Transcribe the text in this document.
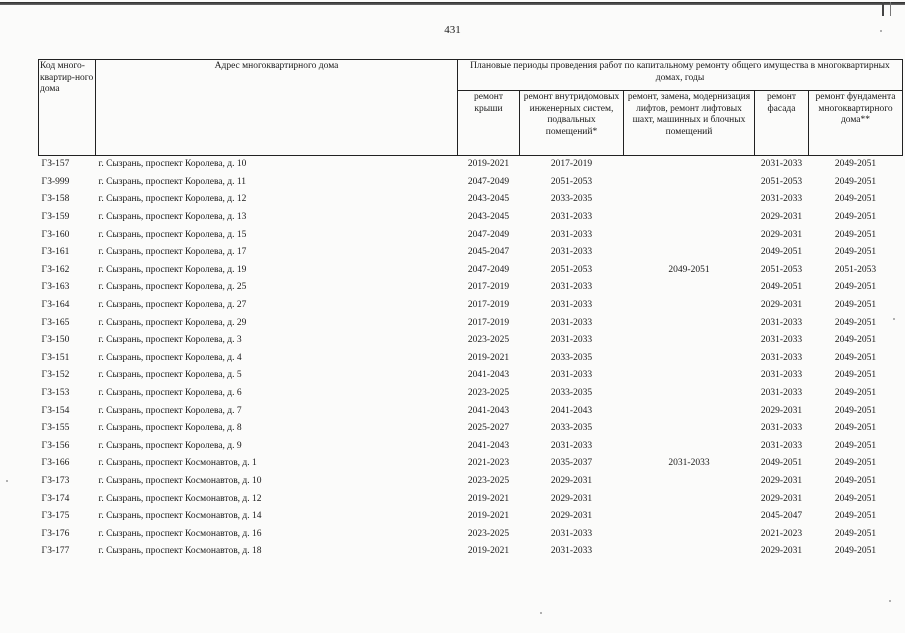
431
Код много-квартир-ного дома	Адрес многоквартирного дома	Плановые периоды проведения работ по капитальному ремонту общего имущества в многоквартирных домах, годы				
		ремонт крыши	ремонт внутридомовых инженерных систем, подвальных помещений*	ремонт, замена, модернизация лифтов, ремонт лифтовых шахт, машинных и блочных помещений	ремонт фасада	ремонт фундамента многоквартирного дома**
ГЗ-157	г. Сызрань, проспект Королева, д. 10	2019-2021	2017-2019		2031-2033	2049-2051
ГЗ-999	г. Сызрань, проспект Королева, д. 11	2047-2049	2051-2053		2051-2053	2049-2051
ГЗ-158	г. Сызрань, проспект Королева, д. 12	2043-2045	2033-2035		2031-2033	2049-2051
ГЗ-159	г. Сызрань, проспект Королева, д. 13	2043-2045	2031-2033		2029-2031	2049-2051
ГЗ-160	г. Сызрань, проспект Королева, д. 15	2047-2049	2031-2033		2029-2031	2049-2051
ГЗ-161	г. Сызрань, проспект Королева, д. 17	2045-2047	2031-2033		2049-2051	2049-2051
ГЗ-162	г. Сызрань, проспект Королева, д. 19	2047-2049	2051-2053	2049-2051	2051-2053	2051-2053
ГЗ-163	г. Сызрань, проспект Королева, д. 25	2017-2019	2031-2033		2049-2051	2049-2051
ГЗ-164	г. Сызрань, проспект Королева, д. 27	2017-2019	2031-2033		2029-2031	2049-2051
ГЗ-165	г. Сызрань, проспект Королева, д. 29	2017-2019	2031-2033		2031-2033	2049-2051
ГЗ-150	г. Сызрань, проспект Королева, д. 3	2023-2025	2031-2033		2031-2033	2049-2051
ГЗ-151	г. Сызрань, проспект Королева, д. 4	2019-2021	2033-2035		2031-2033	2049-2051
ГЗ-152	г. Сызрань, проспект Королева, д. 5	2041-2043	2031-2033		2031-2033	2049-2051
ГЗ-153	г. Сызрань, проспект Королева, д. 6	2023-2025	2033-2035		2031-2033	2049-2051
ГЗ-154	г. Сызрань, проспект Королева, д. 7	2041-2043	2041-2043		2029-2031	2049-2051
ГЗ-155	г. Сызрань, проспект Королева, д. 8	2025-2027	2033-2035		2031-2033	2049-2051
ГЗ-156	г. Сызрань, проспект Королева, д. 9	2041-2043	2031-2033		2031-2033	2049-2051
ГЗ-166	г. Сызрань, проспект Космонавтов, д. 1	2021-2023	2035-2037	2031-2033	2049-2051	2049-2051
ГЗ-173	г. Сызрань, проспект Космонавтов, д. 10	2023-2025	2029-2031		2029-2031	2049-2051
ГЗ-174	г. Сызрань, проспект Космонавтов, д. 12	2019-2021	2029-2031		2029-2031	2049-2051
ГЗ-175	г. Сызрань, проспект Космонавтов, д. 14	2019-2021	2029-2031		2045-2047	2049-2051
ГЗ-176	г. Сызрань, проспект Космонавтов, д. 16	2023-2025	2031-2033		2021-2023	2049-2051
ГЗ-177	г. Сызрань, проспект Космонавтов, д. 18	2019-2021	2031-2033		2029-2031	2049-2051
